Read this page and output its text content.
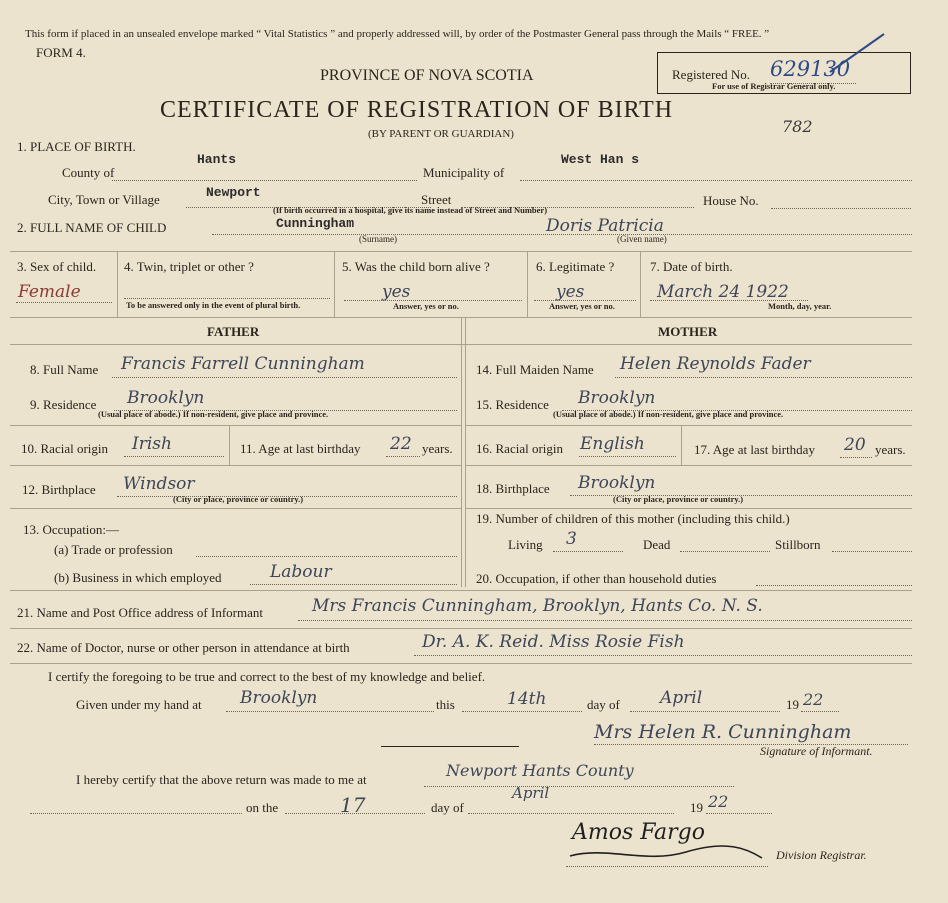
This form if placed in an unsealed envelope marked “ Vital Statistics ” and properly addressed will, by order of the Postmaster General pass through the Mails “ FREE. ”
FORM 4.
PROVINCE OF NOVA SCOTIA
CERTIFICATE OF REGISTRATION OF BIRTH
(BY PARENT OR GUARDIAN)
Registered No. 629130
For use of Registrar General only.
782
1. PLACE OF BIRTH.
County of
Hants
Municipality of
West Han s
City, Town or Village	Newport	Street
(If birth occurred in a hospital, give its name instead of Street and Number)
House No.
2. FULL NAME OF CHILD	Cunningham
(Surname)
Doris Patricia
(Given name)
3. Sex of child.
Female
4. Twin, triplet or other ?
To be answered only in the event of plural birth.
5. Was the child born alive ?
yes
Answer, yes or no.
6. Legitimate ?
yes
Answer, yes or no.
7. Date of birth.
March 24 1922
Month, day, year.
FATHER	MOTHER
8. Full Name Francis Farrell Cunningham
9. Residence Brooklyn
(Usual place of abode.) If non-resident, give place and province.
10. Racial origin Irish	11. Age at last birthday 22 years.
12. Birthplace Windsor
(City or place, province or country.)
13. Occupation:—
(a) Trade or profession
(b) Business in which employed	Labour
14. Full Maiden Name Helen Reynolds Fader
15. Residence Brooklyn
(Usual place of abode.) If non-resident, give place and province.
16. Racial origin English	17. Age at last birthday 20 years.
18. Birthplace Brooklyn
(City or place, province or country.)
19. Number of children of this mother (including this child.)
Living 3	Dead	Stillborn
20. Occupation, if other than household duties
21. Name and Post Office address of Informant	Mrs Francis Cunningham, Brooklyn, Hants Co. N. S.
22. Name of Doctor, nurse or other person in attendance at birth	Dr. A. K. Reid. Miss Rosie Fish
I certify the foregoing to be true and correct to the best of my knowledge and belief.
Given under my hand at Brooklyn	this	14th	day of April	19 22
Mrs Helen R. Cunningham
Signature of Informant.
I hereby certify that the above return was made to me at	Newport Hants County
on the	17	day of
April
19 22
Amos Fargo
Division Registrar.
